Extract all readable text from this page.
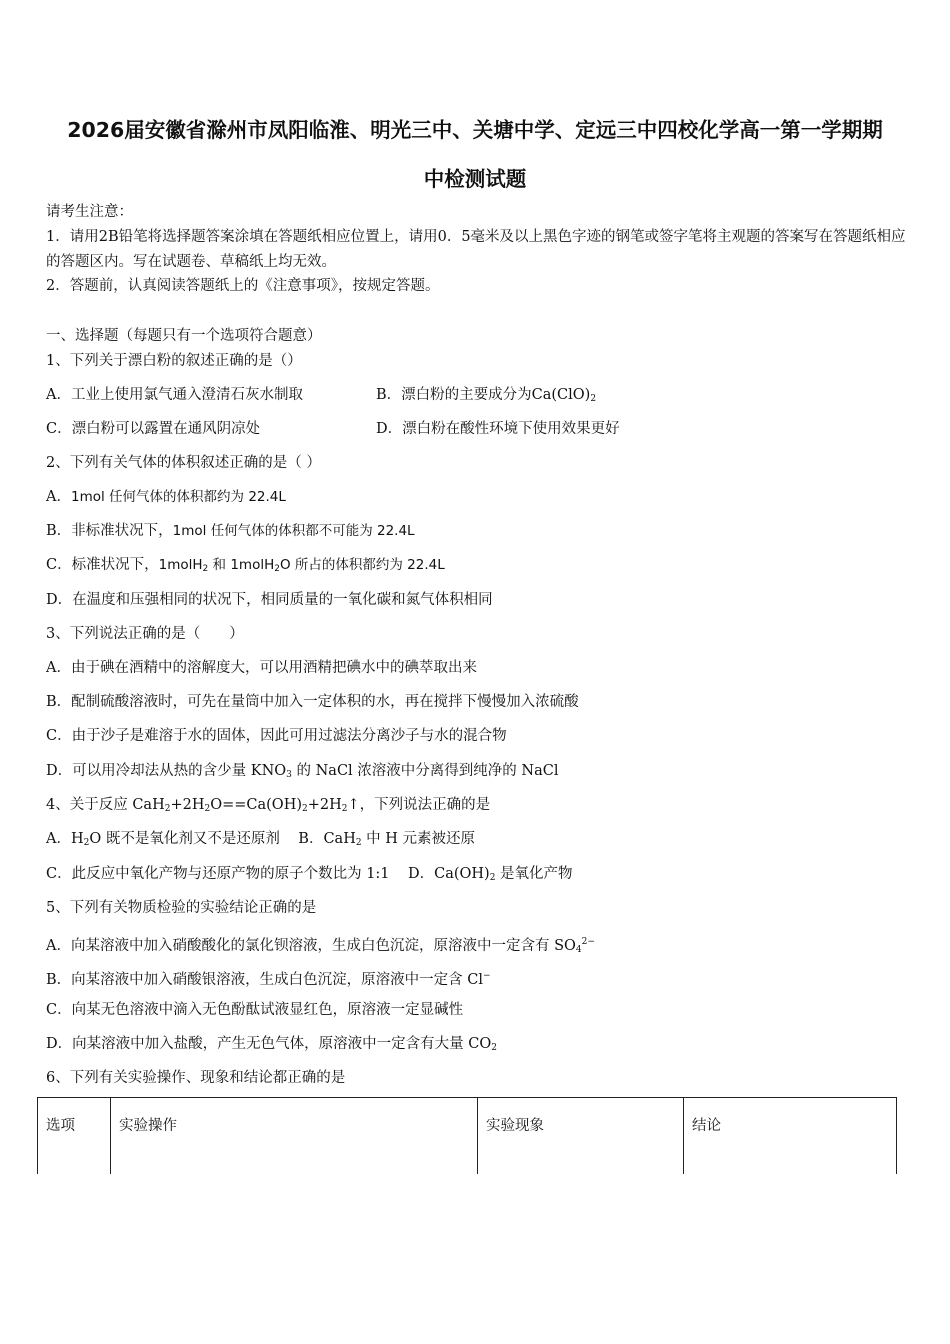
2026届安徽省滁州市凤阳临淮、明光三中、关塘中学、定远三中四校化学高一第一学期期
中检测试题
请考生注意：
1．请用2B铅笔将选择题答案涂填在答题纸相应位置上，请用0．5毫米及以上黑色字迹的钢笔或签字笔将主观题的答案写在答题纸相应的答题区内。写在试题卷、草稿纸上均无效。
2．答题前，认真阅读答题纸上的《注意事项》，按规定答题。
一、选择题（每题只有一个选项符合题意）
1、下列关于漂白粉的叙述正确的是（）
A．工业上使用氯气通入澄清石灰水制取	B．漂白粉的主要成分为$Ca(ClO)_2$
C．漂白粉可以露置在通风阴凉处	D．漂白粉在酸性环境下使用效果更好
2、下列有关气体的体积叙述正确的是（ ）
A．1mol 任何气体的体积都约为 22.4L
B．非标准状况下，1mol 任何气体的体积都不可能为 22.4L
C．标准状况下，1molH$_2$ 和 1molH$_2$O 所占的体积都约为 22.4L
D．在温度和压强相同的状况下，相同质量的一氧化碳和氮气体积相同
3、下列说法正确的是（　　）
A．由于碘在酒精中的溶解度大，可以用酒精把碘水中的碘萃取出来
B．配制硫酸溶液时，可先在量筒中加入一定体积的水，再在搅拌下慢慢加入浓硫酸
C．由于沙子是难溶于水的固体，因此可用过滤法分离沙子与水的混合物
D．可以用冷却法从热的含少量 $KNO_3$ 的 NaCl 浓溶液中分离得到纯净的 NaCl
4、关于反应 $CaH_2+2H_2O==Ca(OH)_2+2H_2↑$，下列说法正确的是
A．$H_2O$ 既不是氧化剂又不是还原剂 B．CaH$_2$ 中 H 元素被还原
C．此反应中氧化产物与还原产物的原子个数比为 1:1 D．$Ca(OH)_2$ 是氧化产物
5、下列有关物质检验的实验结论正确的是
A．向某溶液中加入硝酸酸化的氯化钡溶液，生成白色沉淀，原溶液中一定含有 $SO_4^{2-}$
B．向某溶液中加入硝酸银溶液，生成白色沉淀，原溶液中一定含 Cl−
C．向某无色溶液中滴入无色酚酞试液显红色，原溶液一定显碱性
D．向某溶液中加入盐酸，产生无色气体，原溶液中一定含有大量 $CO_2$
6、下列有关实验操作、现象和结论都正确的是
选项	实验操作	实验现象	结论
